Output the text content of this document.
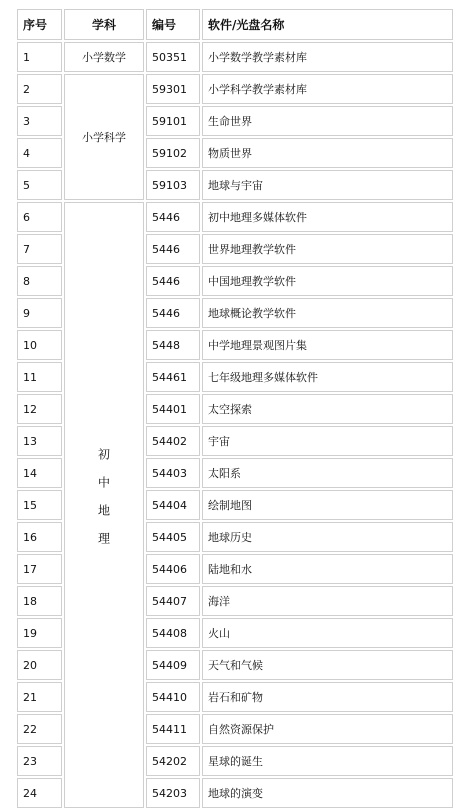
序号	学科	编号	软件/光盘名称
1	小学数学	50351	小学数学教学素材库
2	小学科学	59301	小学科学教学素材库
3		59101	生命世界
4		59102	物质世界
5		59103	地球与宇宙
6	初中地理	5446	初中地理多媒体软件
7		5446	世界地理教学软件
8		5446	中国地理教学软件
9		5446	地球概论教学软件
10		5448	中学地理景观图片集
11		54461	七年级地理多媒体软件
12		54401	太空探索
13		54402	宇宙
14		54403	太阳系
15		54404	绘制地图
16		54405	地球历史
17		54406	陆地和水
18		54407	海洋
19		54408	火山
20		54409	天气和气候
21		54410	岩石和矿物
22		54411	自然资源保护
23		54202	星球的诞生
24		54203	地球的演变
